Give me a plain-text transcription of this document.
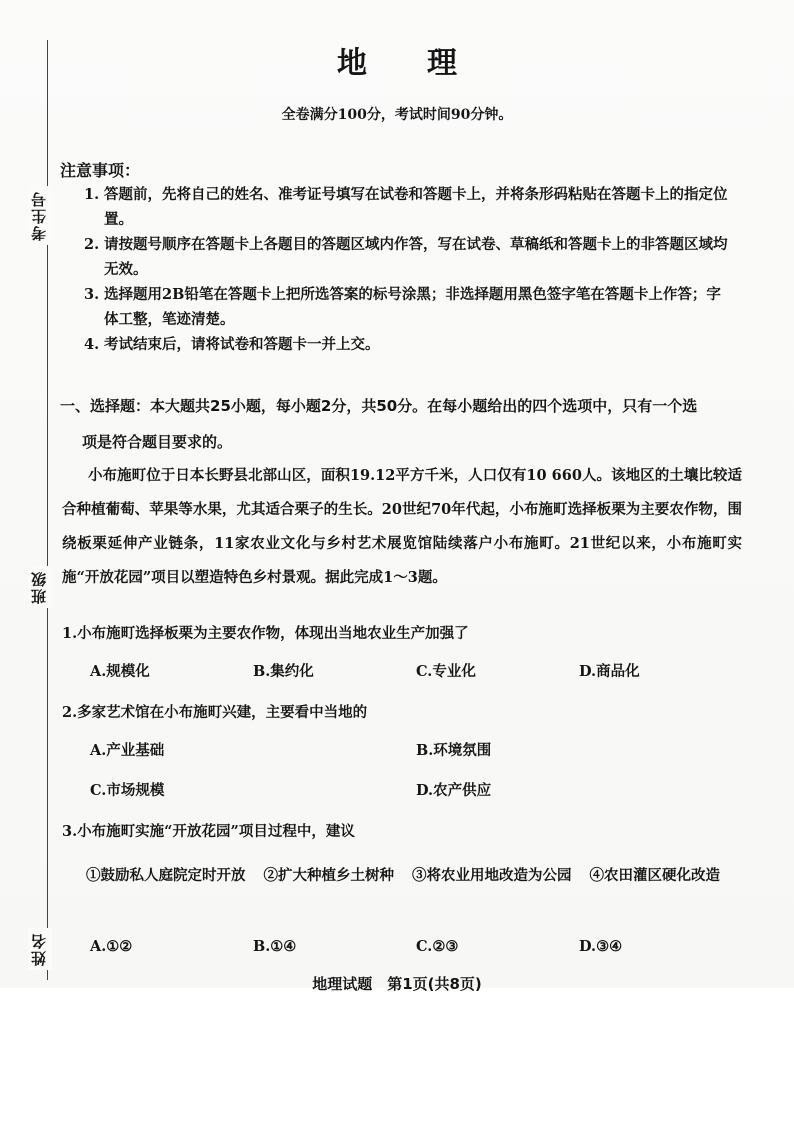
考生号
班级
姓名
地　　理
全卷满分100分，考试时间90分钟。
注意事项：
1. 答题前，先将自己的姓名、准考证号填写在试卷和答题卡上，并将条形码粘贴在答题卡上的指定位置。
2. 请按题号顺序在答题卡上各题目的答题区域内作答，写在试卷、草稿纸和答题卡上的非答题区域均无效。
3. 选择题用2B铅笔在答题卡上把所选答案的标号涂黑；非选择题用黑色签字笔在答题卡上作答；字体工整，笔迹清楚。
4. 考试结束后，请将试卷和答题卡一并上交。
一、选择题：本大题共25小题，每小题2分，共50分。在每小题给出的四个选项中，只有一个选
项是符合题目要求的。
小布施町位于日本长野县北部山区，面积19.12平方千米，人口仅有10 660人。该地区的土壤比较适合种植葡萄、苹果等水果，尤其适合栗子的生长。20世纪70年代起，小布施町选择板栗为主要农作物，围绕板栗延伸产业链条，11家农业文化与乡村艺术展览馆陆续落户小布施町。21世纪以来，小布施町实施“开放花园”项目以塑造特色乡村景观。据此完成1～3题。
1.小布施町选择板栗为主要农作物，体现出当地农业生产加强了
A.规模化	B.集约化	C.专业化	D.商品化
2.多家艺术馆在小布施町兴建，主要看中当地的
A.产业基础	B.环境氛围
C.市场规模	D.农产供应
3.小布施町实施“开放花园”项目过程中，建议
①鼓励私人庭院定时开放 ②扩大种植乡土树种 ③将农业用地改造为公园 ④农田灌区硬化改造
A.①②	B.①④	C.②③	D.③④
地理试题　第1页(共8页)
